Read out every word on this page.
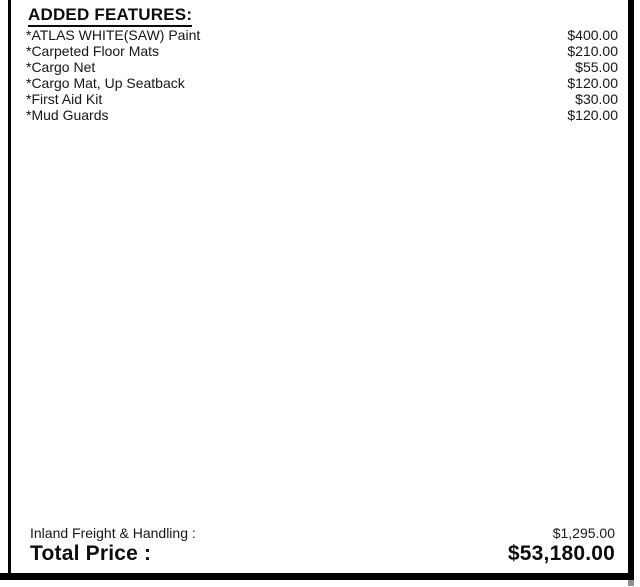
ADDED FEATURES:
*ATLAS WHITE(SAW) Paint	$400.00
*Carpeted Floor Mats	$210.00
*Cargo Net	$55.00
*Cargo Mat, Up Seatback	$120.00
*First Aid Kit	$30.00
*Mud Guards	$120.00
Inland Freight & Handling :	$1,295.00
Total Price :	$53,180.00
